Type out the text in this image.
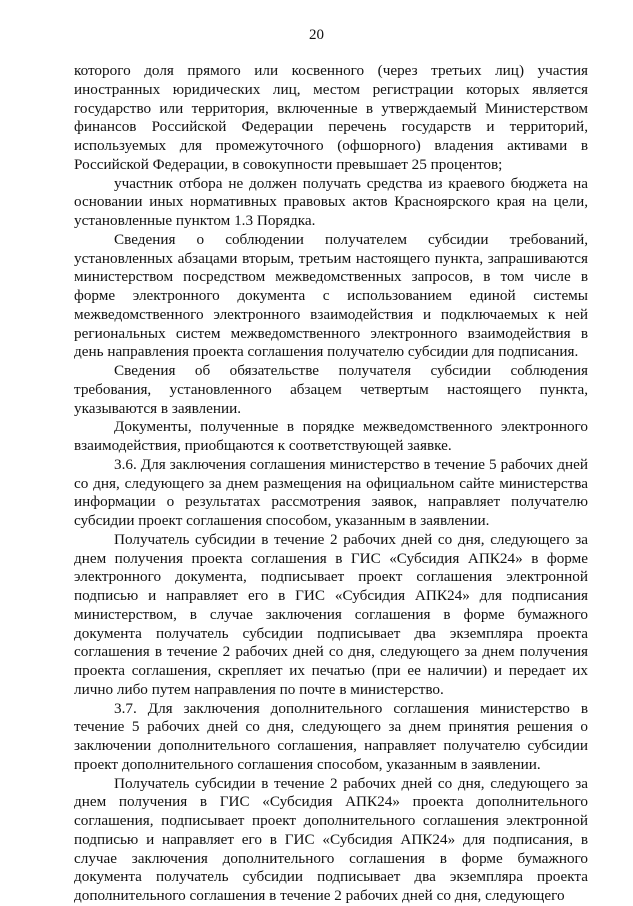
20

которого доля прямого или косвенного (через третьих лиц) участия иностранных юридических лиц, местом регистрации которых является государство или территория, включенные в утверждаемый Министерством финансов Российской Федерации перечень государств и территорий, используемых для промежуточного (офшорного) владения активами в Российской Федерации, в совокупности превышает 25 процентов;

участник отбора не должен получать средства из краевого бюджета на основании иных нормативных правовых актов Красноярского края на цели, установленные пунктом 1.3 Порядка.

Сведения о соблюдении получателем субсидии требований, установленных абзацами вторым, третьим настоящего пункта, запрашиваются министерством посредством межведомственных запросов, в том числе в форме электронного документа с использованием единой системы межведомственного электронного взаимодействия и подключаемых к ней региональных систем межведомственного электронного взаимодействия в день направления проекта соглашения получателю субсидии для подписания.

Сведения об обязательстве получателя субсидии соблюдения требования, установленного абзацем четвертым настоящего пункта, указываются в заявлении.

Документы, полученные в порядке межведомственного электронного взаимодействия, приобщаются к соответствующей заявке.

3.6. Для заключения соглашения министерство в течение 5 рабочих дней со дня, следующего за днем размещения на официальном сайте министерства информации о результатах рассмотрения заявок, направляет получателю субсидии проект соглашения способом, указанным в заявлении.

Получатель субсидии в течение 2 рабочих дней со дня, следующего за днем получения проекта соглашения в ГИС «Субсидия АПК24» в форме электронного документа, подписывает проект соглашения электронной подписью и направляет его в ГИС «Субсидия АПК24» для подписания министерством, в случае заключения соглашения в форме бумажного документа получатель субсидии подписывает два экземпляра проекта соглашения в течение 2 рабочих дней со дня, следующего за днем получения проекта соглашения, скрепляет их печатью (при ее наличии) и передает их лично либо путем направления по почте в министерство.

3.7. Для заключения дополнительного соглашения министерство в течение 5 рабочих дней со дня, следующего за днем принятия решения о заключении дополнительного соглашения, направляет получателю субсидии проект дополнительного соглашения способом, указанным в заявлении.

Получатель субсидии в течение 2 рабочих дней со дня, следующего за днем получения в ГИС «Субсидия АПК24» проекта дополнительного соглашения, подписывает проект дополнительного соглашения электронной подписью и направляет его в ГИС «Субсидия АПК24» для подписания, в случае заключения дополнительного соглашения в форме бумажного документа получатель субсидии подписывает два экземпляра проекта дополнительного соглашения в течение 2 рабочих дней со дня, следующего
